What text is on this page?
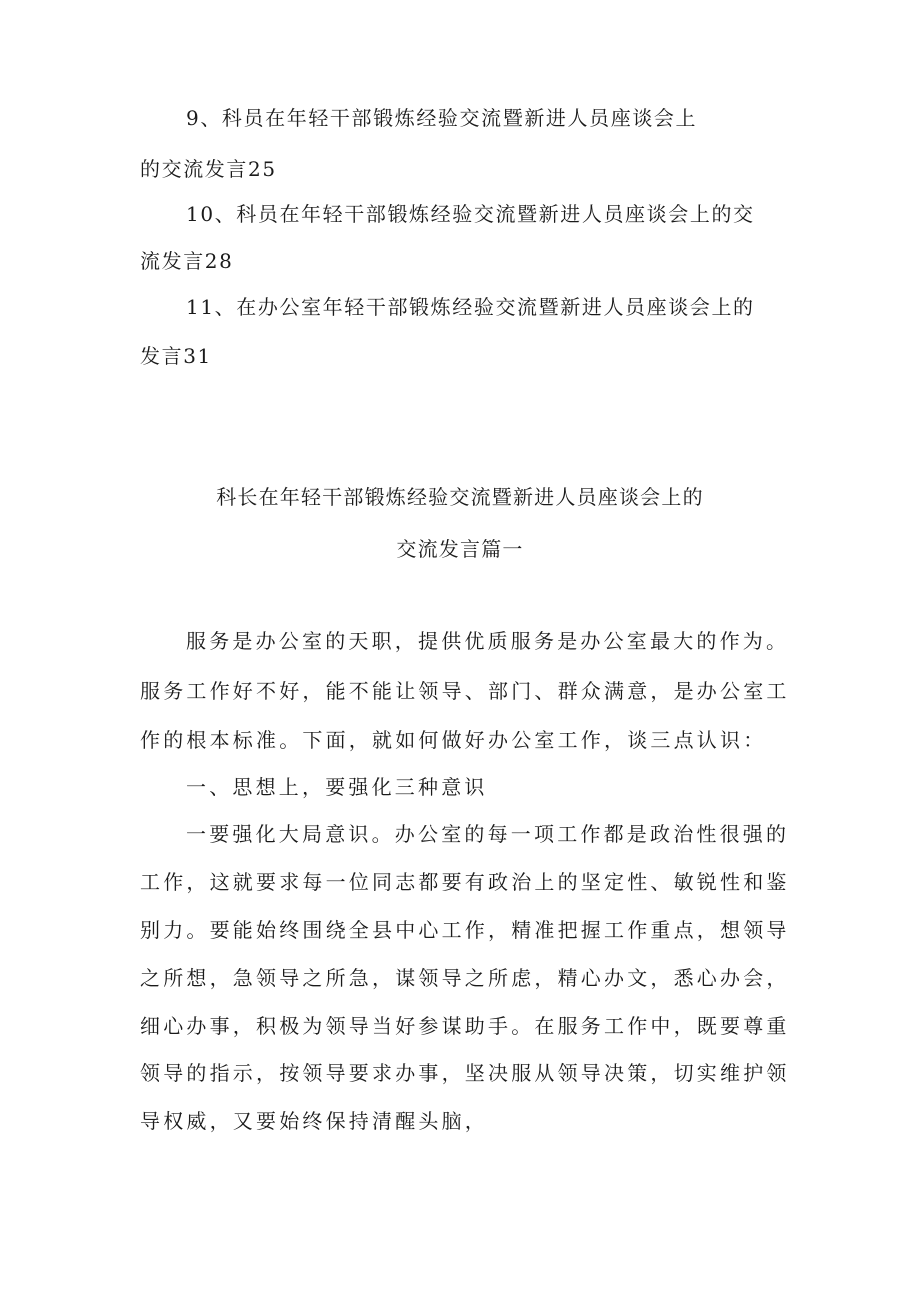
9、科员在年轻干部锻炼经验交流暨新进人员座谈会上
的交流发言25
10、科员在年轻干部锻炼经验交流暨新进人员座谈会上的交
流发言28
11、在办公室年轻干部锻炼经验交流暨新进人员座谈会上的
发言31
科长在年轻干部锻炼经验交流暨新进人员座谈会上的
交流发言篇一
服务是办公室的天职，提供优质服务是办公室最大的作为。
服务工作好不好，能不能让领导、部门、群众满意，是办公室工
作的根本标准。下面，就如何做好办公室工作，谈三点认识：
一、思想上，要强化三种意识
一要强化大局意识。办公室的每一项工作都是政治性很强的
工作，这就要求每一位同志都要有政治上的坚定性、敏锐性和鉴
别力。要能始终围绕全县中心工作，精准把握工作重点，想领导
之所想，急领导之所急，谋领导之所虑，精心办文，悉心办会，
细心办事，积极为领导当好参谋助手。在服务工作中，既要尊重
领导的指示，按领导要求办事，坚决服从领导决策，切实维护领
导权威，又要始终保持清醒头脑，
